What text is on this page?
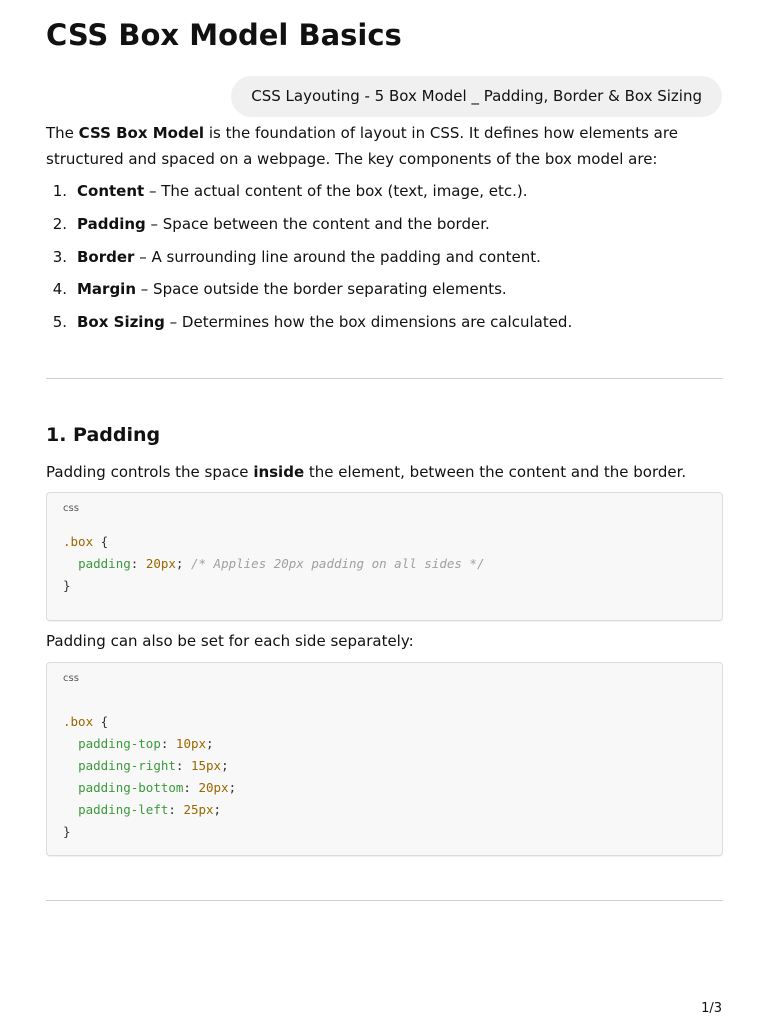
CSS Box Model Basics
CSS Layouting - 5 Box Model _ Padding, Border & Box Sizing

The CSS Box Model is the foundation of layout in CSS. It defines how elements are structured and spaced on a webpage. The key components of the box model are:

1. Content – The actual content of the box (text, image, etc.).
2. Padding – Space between the content and the border.
3. Border – A surrounding line around the padding and content.
4. Margin – Space outside the border separating elements.
5. Box Sizing – Determines how the box dimensions are calculated.
1. Padding

Padding controls the space inside the element, between the content and the border.

css
.box {
padding: 20px; /* Applies 20px padding on all sides */
}

Padding can also be set for each side separately:

css
.box {
padding-top: 10px;
padding-right: 15px;
padding-bottom: 20px;
padding-left: 25px;
}
1/3
